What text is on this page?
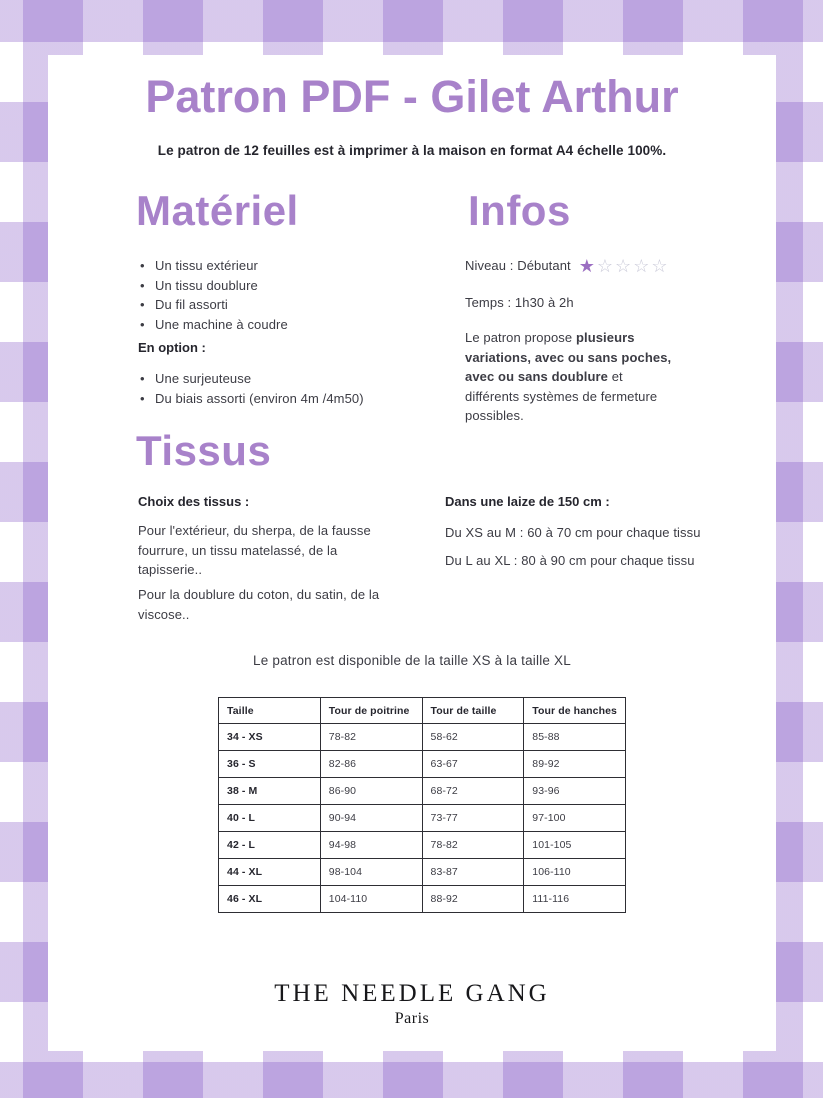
Patron PDF - Gilet Arthur

Le patron de 12 feuilles est à imprimer à la maison en format A4 échelle 100%.

Matériel
• Un tissu extérieur
• Un tissu doublure
• Du fil assorti
• Une machine à coudre

En option :

• Une surjeuteuse
• Du biais assorti (environ 4m /4m50)
Infos
Niveau : Débutant ★☆☆☆☆

Temps : 1h30 à 2h

Le patron propose plusieurs variations, avec ou sans poches, avec ou sans doublure et différents systèmes de fermeture possibles.

Tissus

Choix des tissus :

Pour l'extérieur, du sherpa, de la fausse fourrure, un tissu matelassé, de la tapisserie..

Pour la doublure du coton, du satin, de la viscose..

Dans une laize de 150 cm :

Du XS au M : 60 à 70 cm pour chaque tissu

Du L au XL : 80 à 90 cm pour chaque tissu

Le patron est disponible de la taille XS à la taille XL

Taille	Tour de poitrine	Tour de taille	Tour de hanches
34 - XS	78-82	58-62	85-88
36 - S	82-86	63-67	89-92
38 - M	86-90	68-72	93-96
40 - L	90-94	73-77	97-100
42 - L	94-98	78-82	101-105
44 - XL	98-104	83-87	106-110
46 - XL	104-110	88-92	111-116

THE NEEDLE GANG

Paris
